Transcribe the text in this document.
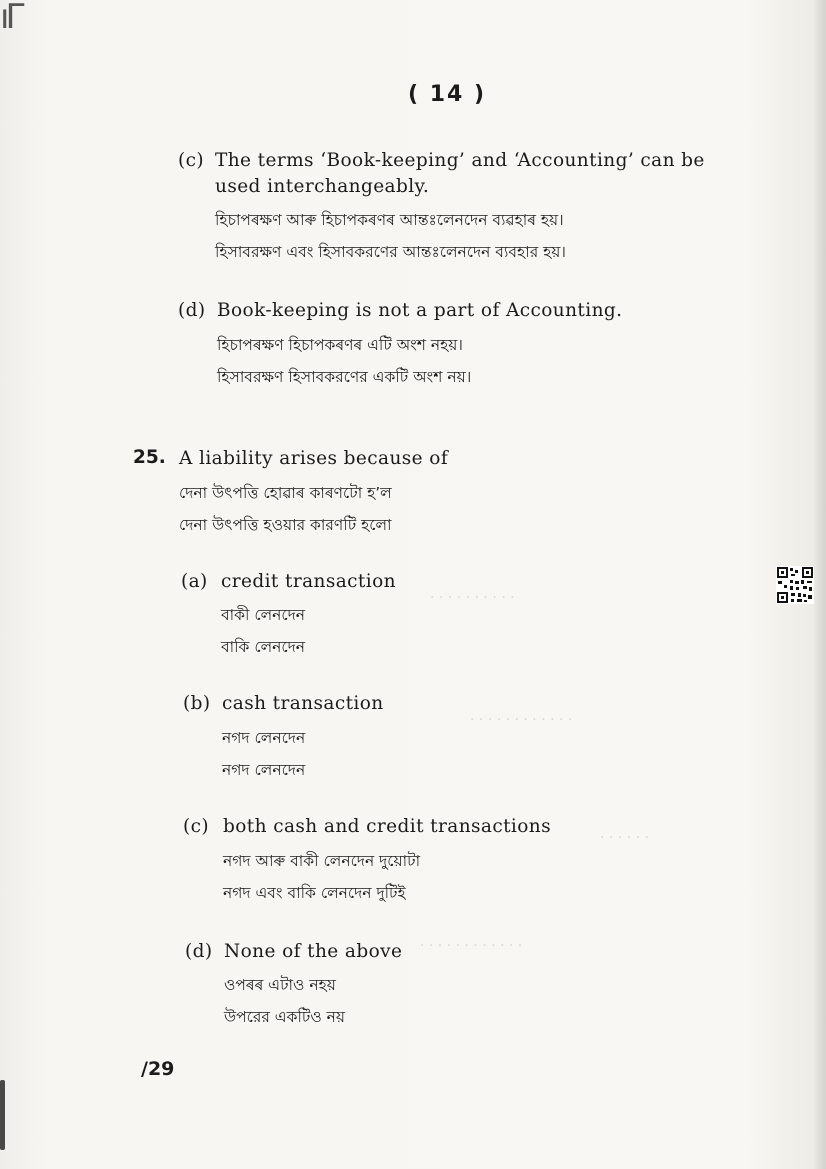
ıΓ
· · · · · · · · · ·
· · · · · · · · · · · ·
· · · · · ·
· · · · · · · · · · · ·
( 14 )
(c) The terms ‘Book-keeping’ and ‘Accounting’ can be
used interchangeably.
হিচাপৰক্ষণ আৰু হিচাপকৰণৰ আন্তঃলেনদেন ব্যৱহাৰ হয়।
হিসাবরক্ষণ এবং হিসাবকরণের আন্তঃলেনদেন ব্যবহার হয়।
(d) Book-keeping is not a part of Accounting.
হিচাপৰক্ষণ হিচাপকৰণৰ এটি অংশ নহয়।
হিসাবরক্ষণ হিসাবকরণের একটি অংশ নয়।
25. A liability arises because of
দেনা উৎপত্তি হোৱাৰ কাৰণটো হ’ল
দেনা উৎপত্তি হওয়ার কারণটি হলো
(a) credit transaction
বাকী লেনদেন
বাকি লেনদেন
(b) cash transaction
নগদ লেনদেন
নগদ লেনদেন
(c) both cash and credit transactions
নগদ আৰু বাকী লেনদেন দুয়োটা
নগদ এবং বাকি লেনদেন দুটিই
(d) None of the above
ওপৰৰ এটাও নহয়
উপরের একটিও নয়
/29
